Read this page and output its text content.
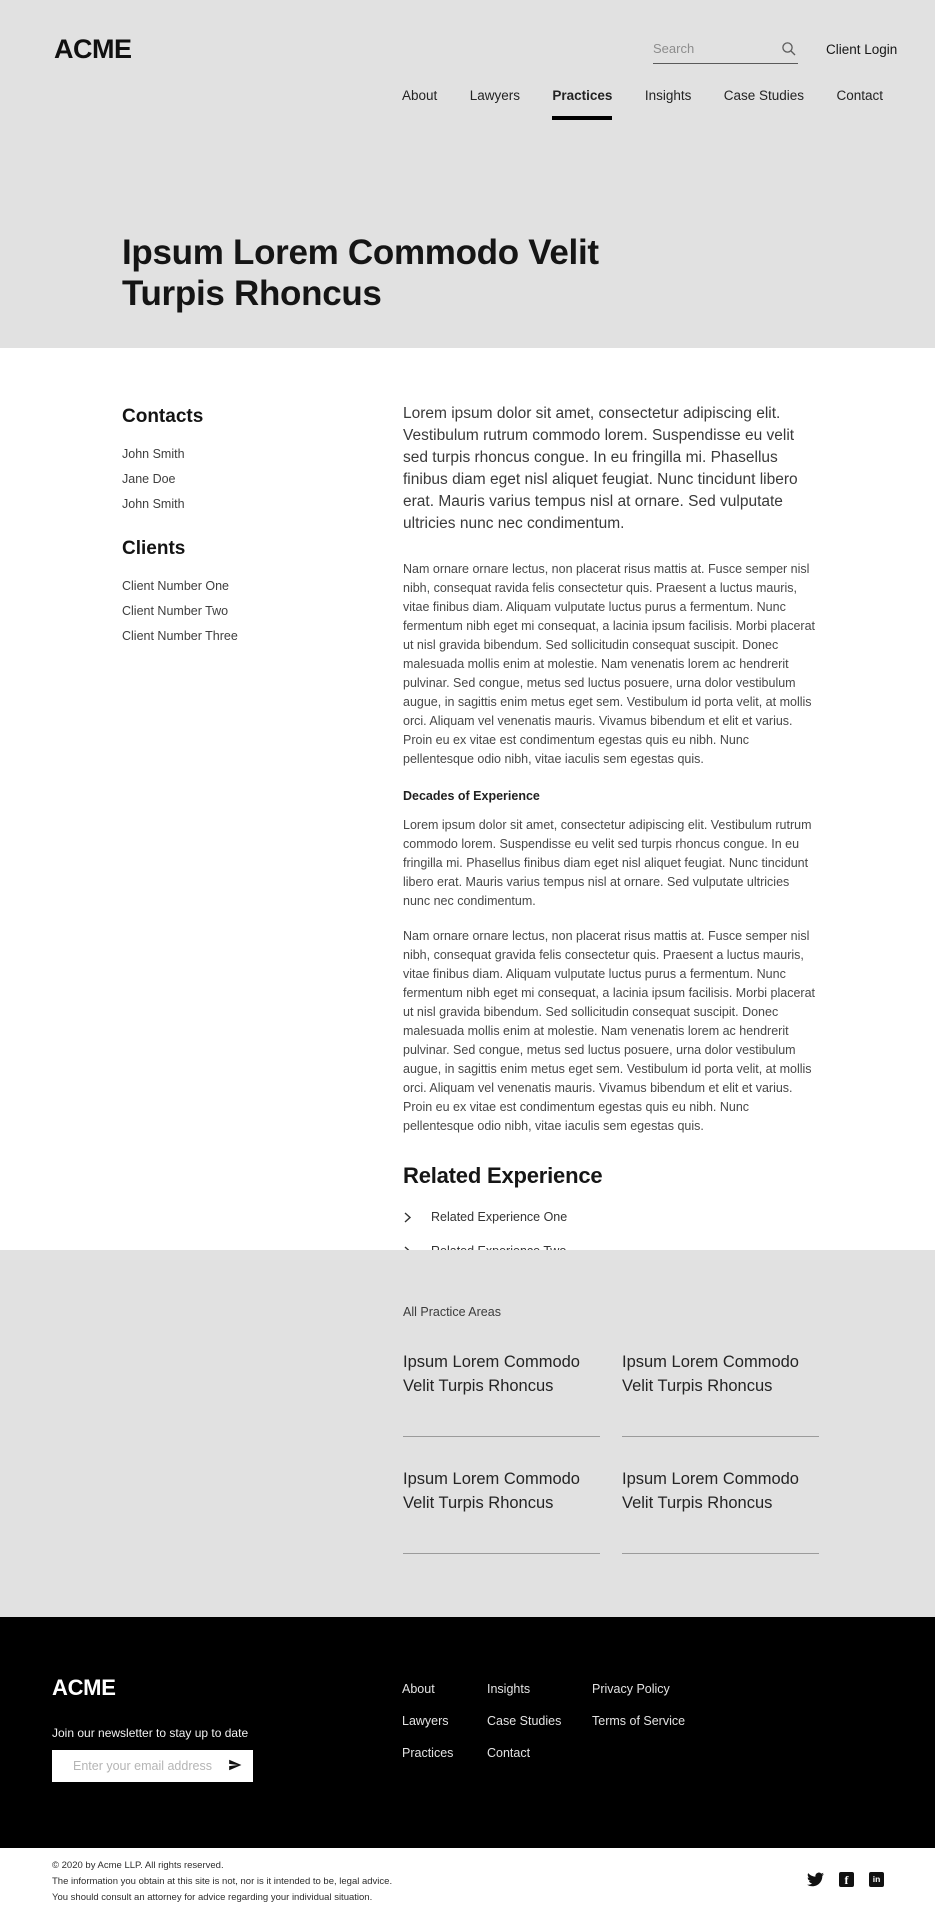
ACME
Search	Client Login
About Lawyers Practices Insights Case Studies Contact
Ipsum Lorem Commodo Velit Turpis Rhoncus
Contacts
John Smith
Jane Doe
John Smith
Clients
Client Number One
Client Number Two
Client Number Three

Lorem ipsum dolor sit amet, consectetur adipiscing elit. Vestibulum rutrum commodo lorem. Suspendisse eu velit sed turpis rhoncus congue. In eu fringilla mi. Phasellus finibus diam eget nisl aliquet feugiat. Nunc tincidunt libero erat. Mauris varius tempus nisl at ornare. Sed vulputate ultricies nunc nec condimentum.

Nam ornare ornare lectus, non placerat risus mattis at. Fusce semper nisl nibh, consequat ravida felis consectetur quis. Praesent a luctus mauris, vitae finibus diam. Aliquam vulputate luctus purus a fermentum. Nunc fermentum nibh eget mi consequat, a lacinia ipsum facilisis. Morbi placerat ut nisl gravida bibendum. Sed sollicitudin consequat suscipit. Donec malesuada mollis enim at molestie. Nam venenatis lorem ac hendrerit pulvinar. Sed congue, metus sed luctus posuere, urna dolor vestibulum augue, in sagittis enim metus eget sem. Vestibulum id porta velit, at mollis orci. Aliquam vel venenatis mauris. Vivamus bibendum et elit et varius. Proin eu ex vitae est condimentum egestas quis eu nibh. Nunc pellentesque odio nibh, vitae iaculis sem egestas quis.

Decades of Experience

Lorem ipsum dolor sit amet, consectetur adipiscing elit. Vestibulum rutrum commodo lorem. Suspendisse eu velit sed turpis rhoncus congue. In eu fringilla mi. Phasellus finibus diam eget nisl aliquet feugiat. Nunc tincidunt libero erat. Mauris varius tempus nisl at ornare. Sed vulputate ultricies nunc nec condimentum.

Nam ornare ornare lectus, non placerat risus mattis at. Fusce semper nisl nibh, consequat gravida felis consectetur quis. Praesent a luctus mauris, vitae finibus diam. Aliquam vulputate luctus purus a fermentum. Nunc fermentum nibh eget mi consequat, a lacinia ipsum facilisis. Morbi placerat ut nisl gravida bibendum. Sed sollicitudin consequat suscipit. Donec malesuada mollis enim at molestie. Nam venenatis lorem ac hendrerit pulvinar. Sed congue, metus sed luctus posuere, urna dolor vestibulum augue, in sagittis enim metus eget sem. Vestibulum id porta velit, at mollis orci. Aliquam vel venenatis mauris. Vivamus bibendum et elit et varius. Proin eu ex vitae est condimentum egestas quis eu nibh. Nunc pellentesque odio nibh, vitae iaculis sem egestas quis.

Related Experience
Related Experience One
All Practice Areas
Ipsum Lorem Commodo Velit Turpis Rhoncus
Ipsum Lorem Commodo Velit Turpis Rhoncus
Ipsum Lorem Commodo Velit Turpis Rhoncus
Ipsum Lorem Commodo Velit Turpis Rhoncus
ACME
Join our newsletter to stay up to date
Enter your email address
About
Lawyers
Practices
Insights
Case Studies
Contact
Privacy Policy
Terms of Service
© 2020 by Acme LLP. All rights reserved.
The information you obtain at this site is not, nor is it intended to be, legal advice.
You should consult an attorney for advice regarding your individual situation.
f	in
